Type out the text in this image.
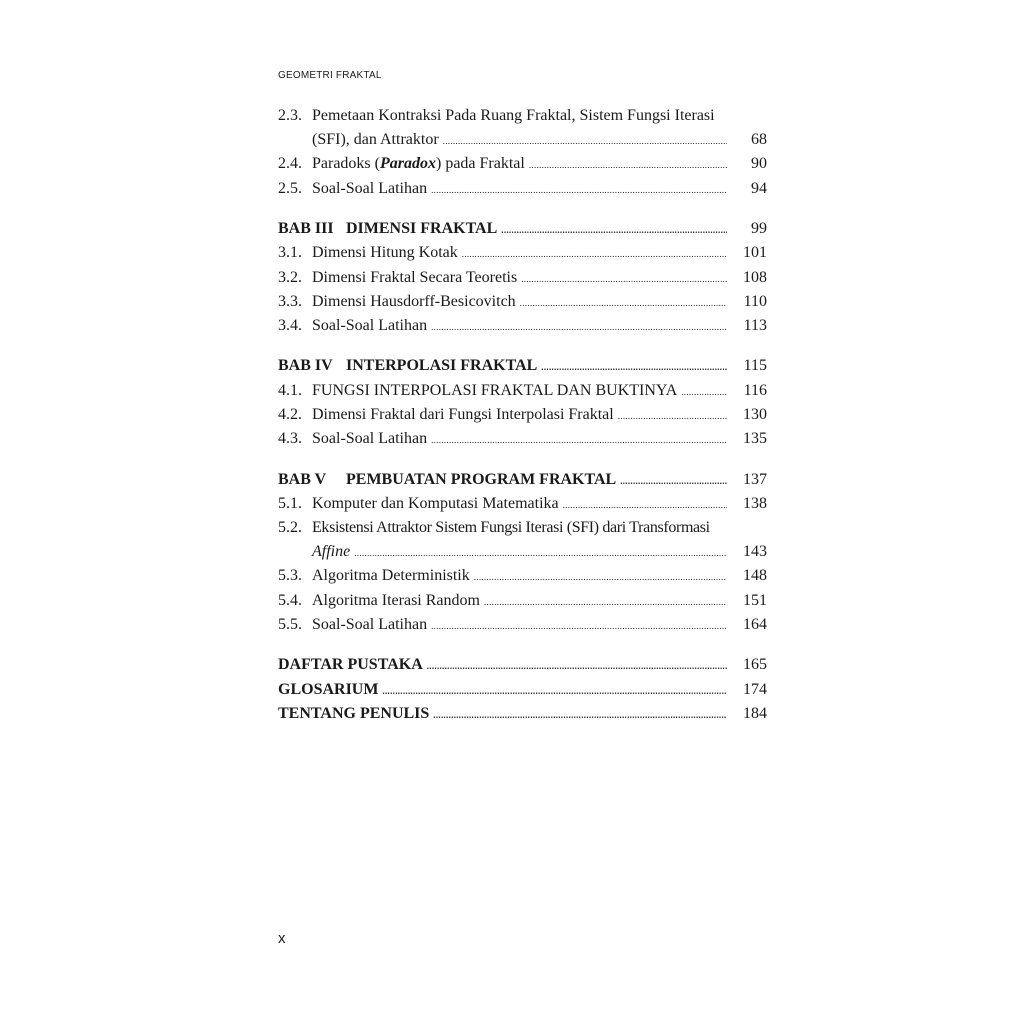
GEOMETRI FRAKTAL
2.3. Pemetaan Kontraksi Pada Ruang Fraktal, Sistem Fungsi Iterasi
(SFI), dan Attraktor .....	68
2.4. Paradoks (Paradox) pada Fraktal .....	90
2.5. Soal-Soal Latihan .....	94
BAB III DIMENSI FRAKTAL .....	99
3.1. Dimensi Hitung Kotak .....	101
3.2. Dimensi Fraktal Secara Teoretis .....	108
3.3. Dimensi Hausdorff-Besicovitch .....	110
3.4. Soal-Soal Latihan .....	113
BAB IV INTERPOLASI FRAKTAL .....	115
4.1. FUNGSI INTERPOLASI FRAKTAL DAN BUKTINYA .....	116
4.2. Dimensi Fraktal dari Fungsi Interpolasi Fraktal .....	130
4.3. Soal-Soal Latihan .....	135
BAB V	PEMBUATAN PROGRAM FRAKTAL .....	137
5.1. Komputer dan Komputasi Matematika .....	138
5.2. Eksistensi Attraktor Sistem Fungsi Iterasi (SFI) dari Transformasi
Affine .....	143
5.3. Algoritma Deterministik .....	148
5.4. Algoritma Iterasi Random .....	151
5.5. Soal-Soal Latihan .....	164
DAFTAR PUSTAKA .....	165
GLOSARIUM .....	174
TENTANG PENULIS .....	184
x
